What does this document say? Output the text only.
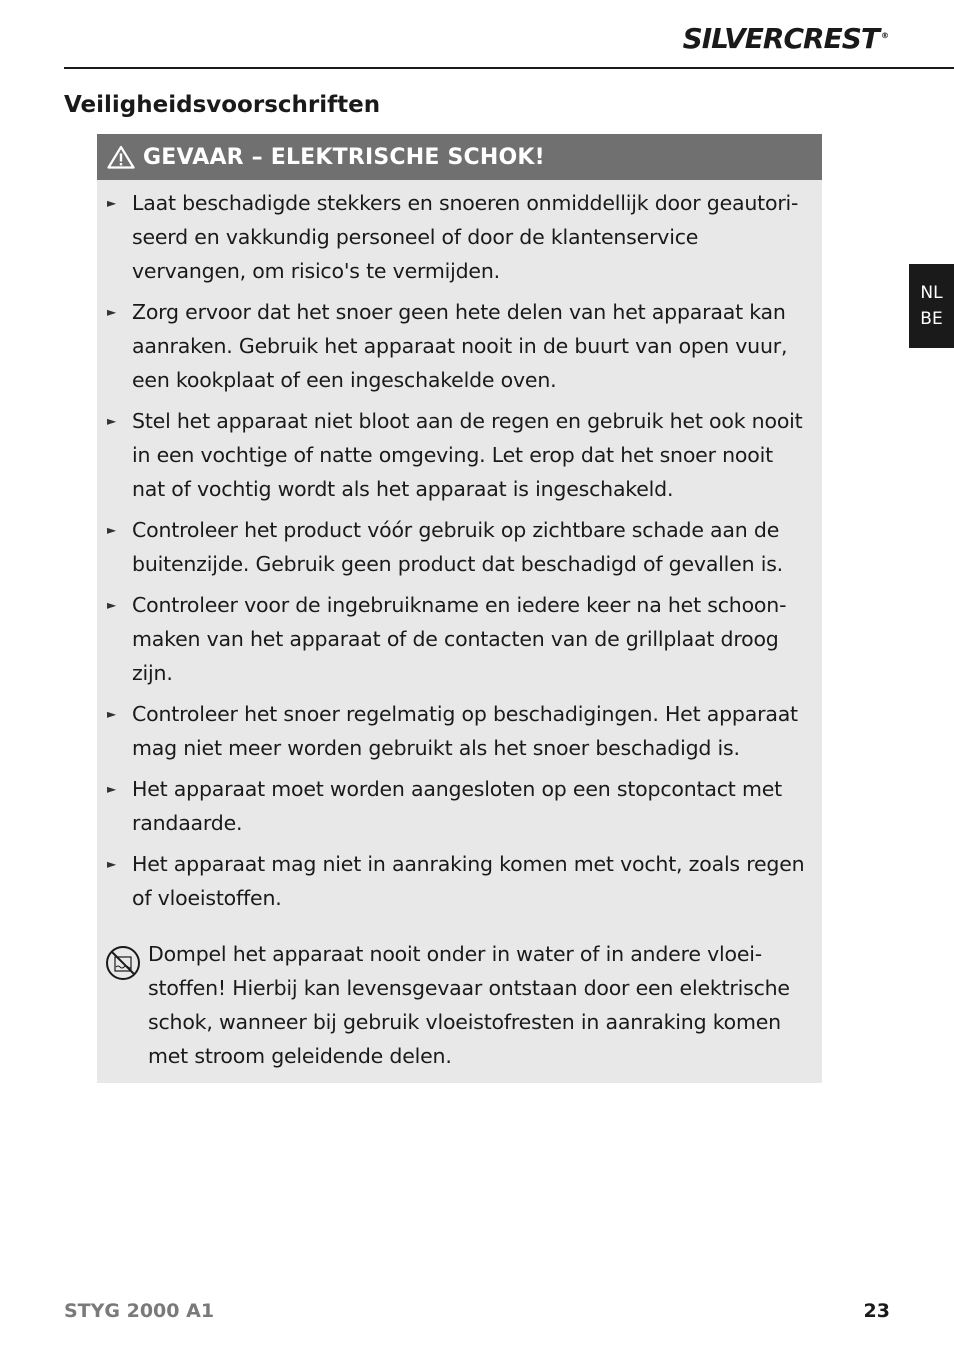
SILVERCREST ®
Veiligheidsvoorschriften
NL
BE
GEVAAR – ELEKTRISCHE SCHOK!
► Laat beschadigde stekkers en snoeren onmiddellijk door geautori-seerd en vakkundig personeel of door de klantenservice vervangen, om risico's te vermijden.
► Zorg ervoor dat het snoer geen hete delen van het apparaat kan aanraken. Gebruik het apparaat nooit in de buurt van open vuur, een kookplaat of een ingeschakelde oven.
► Stel het apparaat niet bloot aan de regen en gebruik het ook nooit in een vochtige of natte omgeving. Let erop dat het snoer nooit nat of vochtig wordt als het apparaat is ingeschakeld.
► Controleer het product vóór gebruik op zichtbare schade aan de buitenzijde. Gebruik geen product dat beschadigd of gevallen is.
► Controleer voor de ingebruikname en iedere keer na het schoon-maken van het apparaat of de contacten van de grillplaat droog zijn.
► Controleer het snoer regelmatig op beschadigingen. Het apparaat mag niet meer worden gebruikt als het snoer beschadigd is.
► Het apparaat moet worden aangesloten op een stopcontact met randaarde.
► Het apparaat mag niet in aanraking komen met vocht, zoals regen of vloeistoffen.
Dompel het apparaat nooit onder in water of in andere vloei-stoffen! Hierbij kan levensgevaar ontstaan door een elektrische schok, wanneer bij gebruik vloeistofresten in aanraking komen met stroom geleidende delen.
STYG 2000 A1	23
